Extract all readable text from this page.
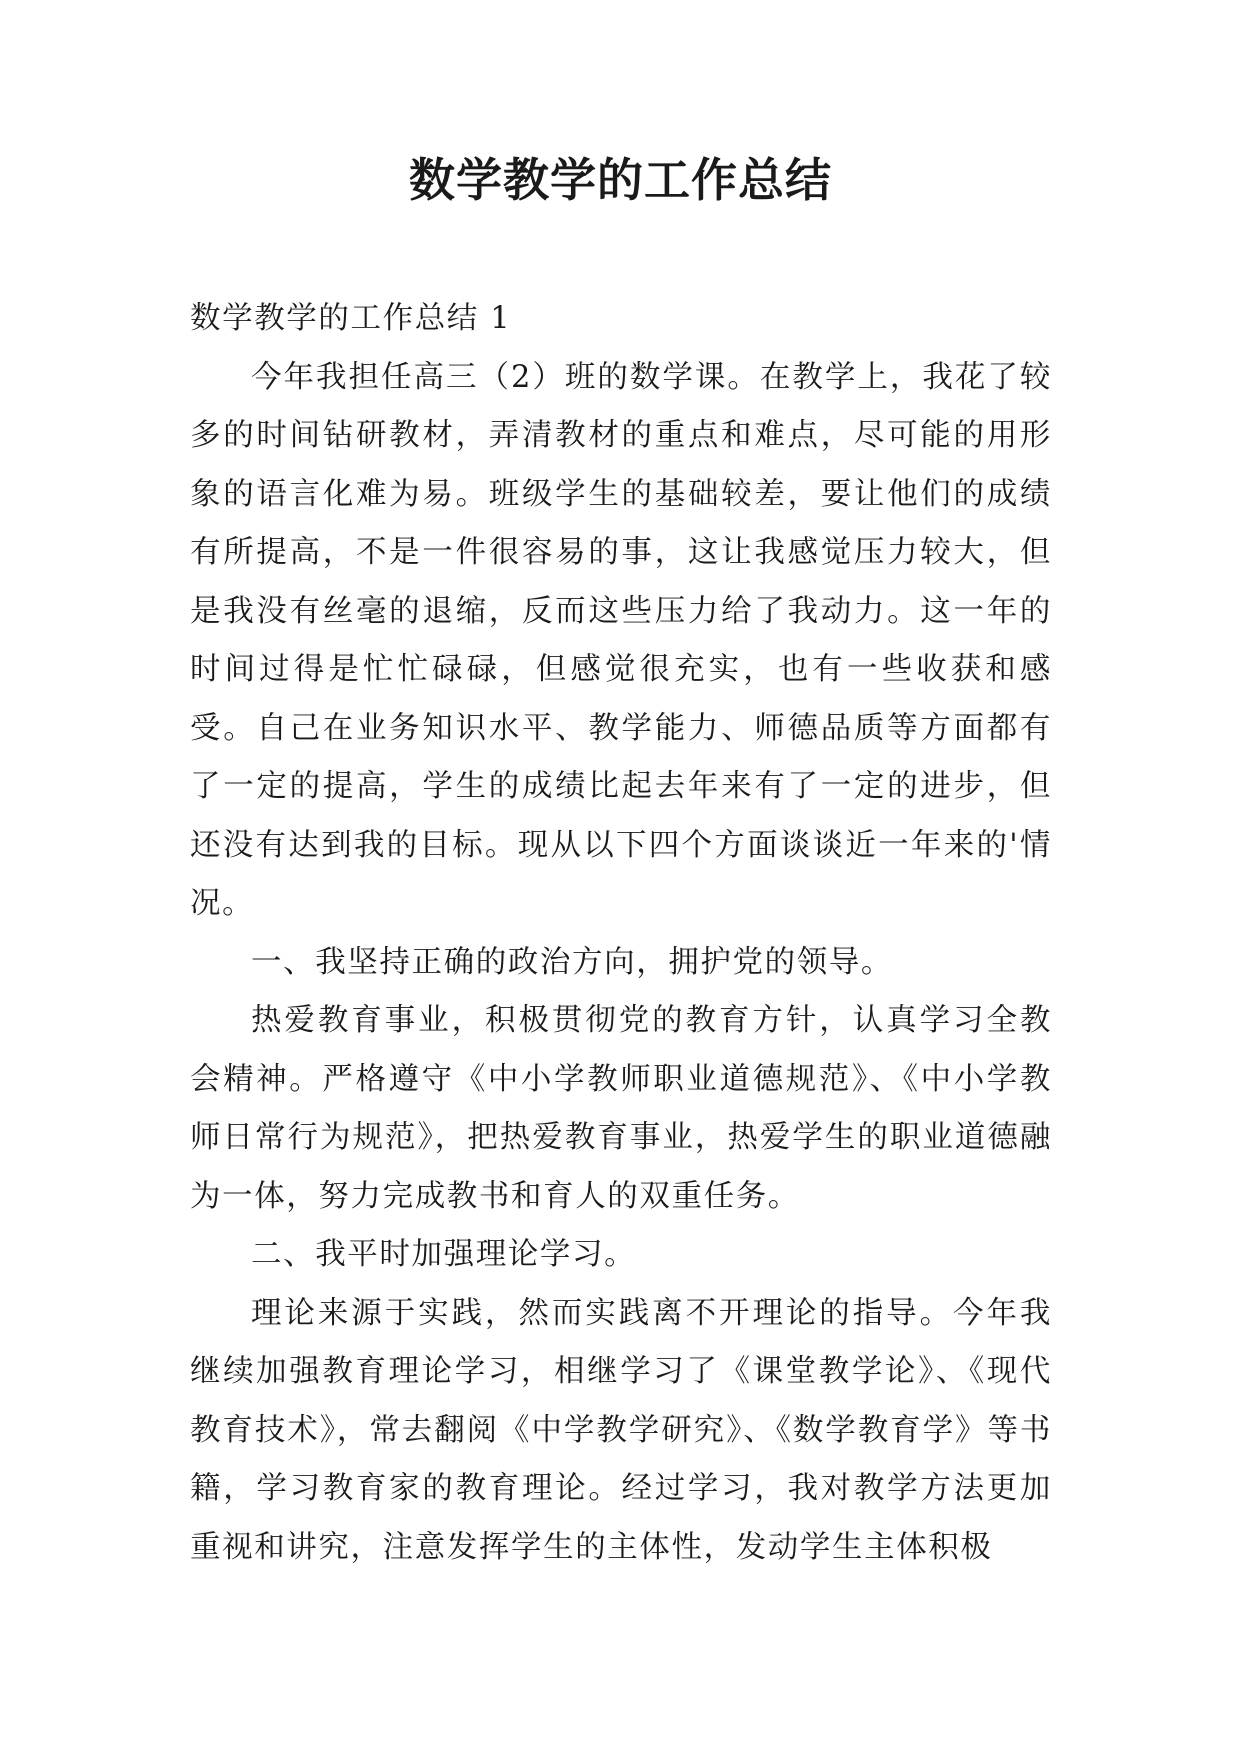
数学教学的工作总结

数学教学的工作总结 1

今年我担任高三（2）班的数学课。在教学上，我花了较多的时间钻研教材，弄清教材的重点和难点，尽可能的用形象的语言化难为易。班级学生的基础较差，要让他们的成绩有所提高，不是一件很容易的事，这让我感觉压力较大，但是我没有丝毫的退缩，反而这些压力给了我动力。这一年的时间过得是忙忙碌碌，但感觉很充实，也有一些收获和感受。自己在业务知识水平、教学能力、师德品质等方面都有了一定的提高，学生的成绩比起去年来有了一定的进步，但还没有达到我的目标。现从以下四个方面谈谈近一年来的'情况。

一、我坚持正确的政治方向，拥护党的领导。

热爱教育事业，积极贯彻党的教育方针，认真学习全教会精神。严格遵守《中小学教师职业道德规范》、《中小学教师日常行为规范》，把热爱教育事业，热爱学生的职业道德融为一体，努力完成教书和育人的双重任务。

二、我平时加强理论学习。

理论来源于实践，然而实践离不开理论的指导。今年我继续加强教育理论学习，相继学习了《课堂教学论》、《现代教育技术》，常去翻阅《中学教学研究》、《数学教育学》等书籍，学习教育家的教育理论。经过学习，我对教学方法更加重视和讲究，注意发挥学生的主体性，发动学生主体积极
